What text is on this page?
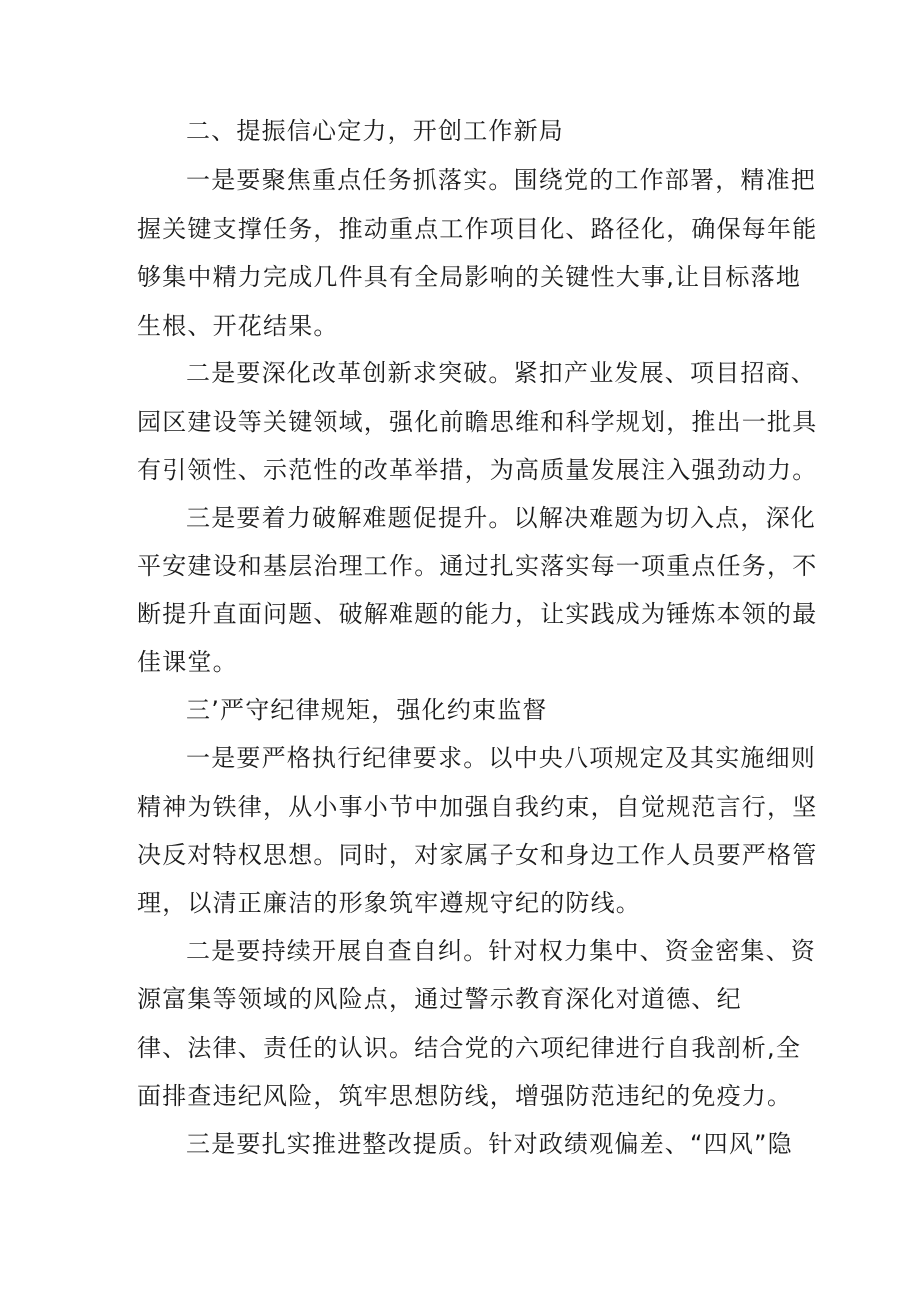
二、提振信心定力，开创工作新局
一是要聚焦重点任务抓落实。围绕党的工作部署，精准把
握关键支撑任务，推动重点工作项目化、路径化，确保每年能
够集中精力完成几件具有全局影响的关键性大事,让目标落地
生根、开花结果。
二是要深化改革创新求突破。紧扣产业发展、项目招商、
园区建设等关键领域，强化前瞻思维和科学规划，推出一批具
有引领性、示范性的改革举措，为高质量发展注入强劲动力。
三是要着力破解难题促提升。以解决难题为切入点，深化
平安建设和基层治理工作。通过扎实落实每一项重点任务，不
断提升直面问题、破解难题的能力，让实践成为锤炼本领的最
佳课堂。
三’严守纪律规矩，强化约束监督
一是要严格执行纪律要求。以中央八项规定及其实施细则
精神为铁律，从小事小节中加强自我约束，自觉规范言行，坚
决反对特权思想。同时，对家属子女和身边工作人员要严格管
理，以清正廉洁的形象筑牢遵规守纪的防线。
二是要持续开展自查自纠。针对权力集中、资金密集、资
源富集等领域的风险点，通过警示教育深化对道德、纪
律、法律、责任的认识。结合党的六项纪律进行自我剖析,全
面排查违纪风险，筑牢思想防线，增强防范违纪的免疫力。
三是要扎实推进整改提质。针对政绩观偏差、“四风”隐
